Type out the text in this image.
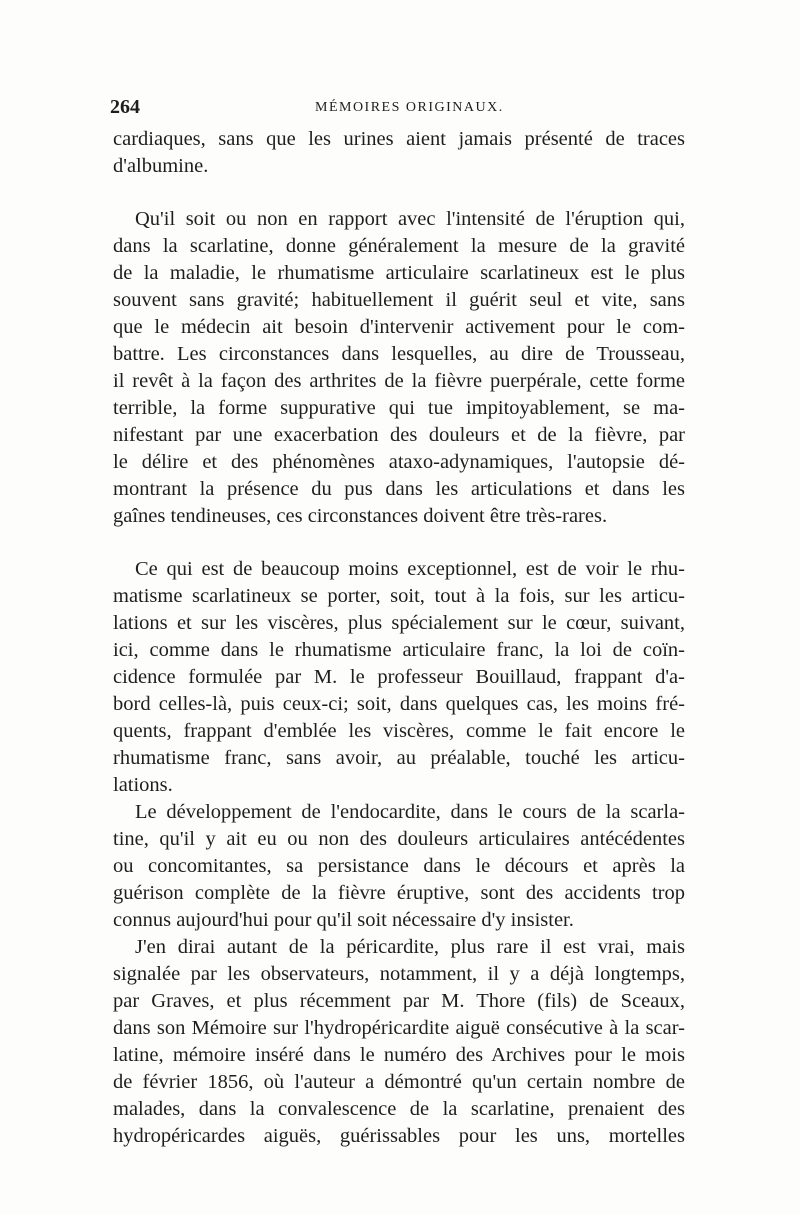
264	MÉMOIRES ORIGINAUX.
cardiaques, sans que les urines aient jamais présenté de traces
d'albumine.
Qu'il soit ou non en rapport avec l'intensité de l'éruption qui,
dans la scarlatine, donne généralement la mesure de la gravité
de la maladie, le rhumatisme articulaire scarlatineux est le plus
souvent sans gravité; habituellement il guérit seul et vite, sans
que le médecin ait besoin d'intervenir activement pour le com-
battre. Les circonstances dans lesquelles, au dire de Trousseau,
il revêt à la façon des arthrites de la fièvre puerpérale, cette forme
terrible, la forme suppurative qui tue impitoyablement, se ma-
nifestant par une exacerbation des douleurs et de la fièvre, par
le délire et des phénomènes ataxo-adynamiques, l'autopsie dé-
montrant la présence du pus dans les articulations et dans les
gaînes tendineuses, ces circonstances doivent être très-rares.
Ce qui est de beaucoup moins exceptionnel, est de voir le rhu-
matisme scarlatineux se porter, soit, tout à la fois, sur les articu-
lations et sur les viscères, plus spécialement sur le cœur, suivant,
ici, comme dans le rhumatisme articulaire franc, la loi de coïn-
cidence formulée par M. le professeur Bouillaud, frappant d'a-
bord celles-là, puis ceux-ci; soit, dans quelques cas, les moins fré-
quents, frappant d'emblée les viscères, comme le fait encore le
rhumatisme franc, sans avoir, au préalable, touché les articu-
lations.
Le développement de l'endocardite, dans le cours de la scarla-
tine, qu'il y ait eu ou non des douleurs articulaires antécédentes
ou concomitantes, sa persistance dans le décours et après la
guérison complète de la fièvre éruptive, sont des accidents trop
connus aujourd'hui pour qu'il soit nécessaire d'y insister.
J'en dirai autant de la péricardite, plus rare il est vrai, mais
signalée par les observateurs, notamment, il y a déjà longtemps,
par Graves, et plus récemment par M. Thore (fils) de Sceaux,
dans son Mémoire sur l'hydropéricardite aiguë consécutive à la scar-
latine, mémoire inséré dans le numéro des Archives pour le mois
de février 1856, où l'auteur a démontré qu'un certain nombre de
malades, dans la convalescence de la scarlatine, prenaient des
hydropéricardes aiguës, guérissables pour les uns, mortelles
